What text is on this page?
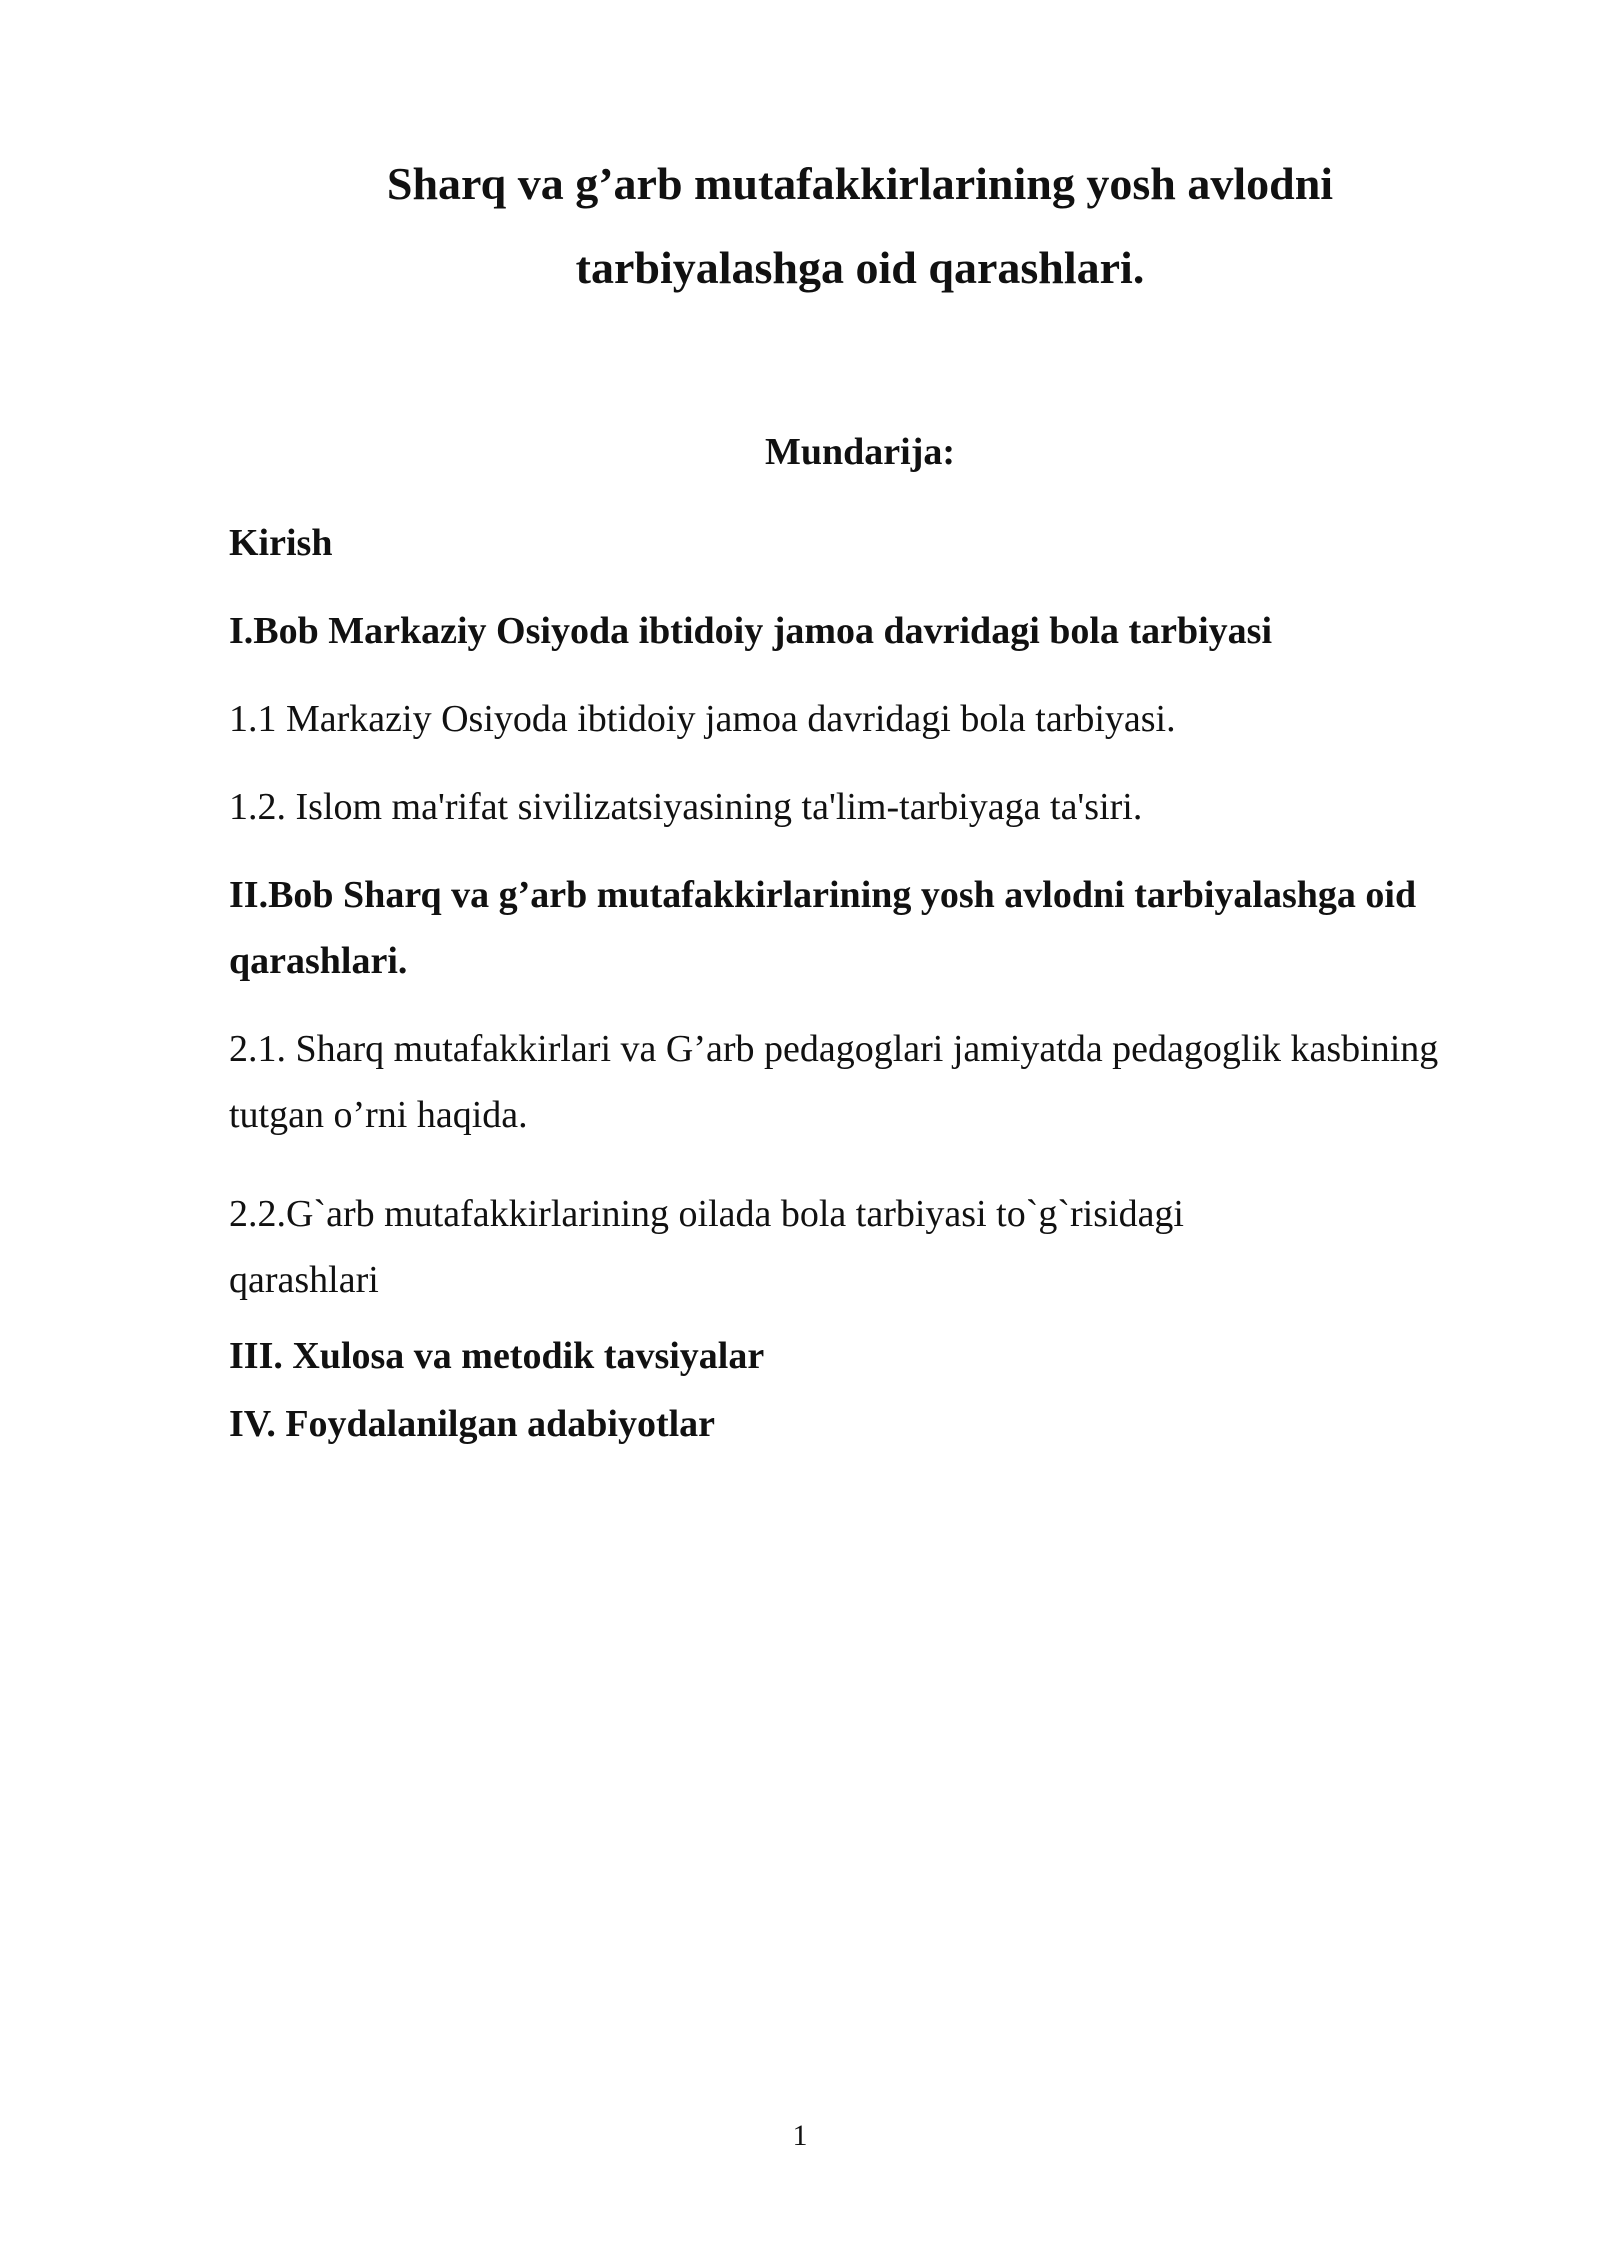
Sharq va g’arb mutafakkirlarining yosh avlodni
tarbiyalashga oid qarashlari.
Mundarija:
Kirish
I.Bob Markaziy Osiyoda ibtidoiy jamoa davridagi bola tarbiyasi
1.1 Markaziy Osiyoda ibtidoiy jamoa davridagi bola tarbiyasi.
1.2. Islom ma'rifat sivilizatsiyasining ta'lim-tarbiyaga ta'siri.
II.Bob Sharq va g’arb mutafakkirlarining yosh avlodni tarbiyalashga oid
qarashlari.
2.1. Sharq mutafakkirlari va G’arb pedagoglari jamiyatda pedagoglik kasbining
tutgan o’rni haqida.
2.2.G`arb mutafakkirlarining oilada bola tarbiyasi to`g`risidagi
qarashlari
III. Xulosa va metodik tavsiyalar
IV. Foydalanilgan adabiyotlar
1
